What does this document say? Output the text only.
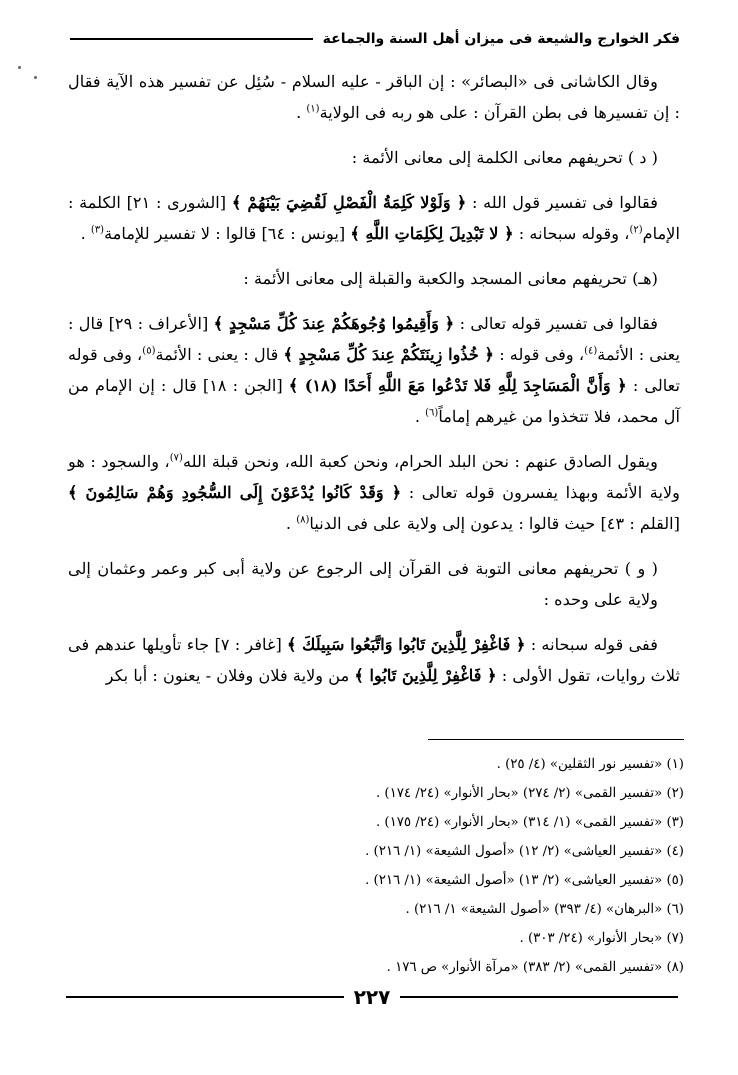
فكر الخوارج والشيعة فى ميزان أهل السنة والجماعة

وقال الكاشانى فى «البصائر» : إن الباقر - عليه السلام - سُئِل عن تفسير هذه الآية فقال : إن تفسيرها فى بطن القرآن : على هو ربه فى الولاية$^{(١)}$ .

( د ) تحريفهم معانى الكلمة إلى معانى الأئمة :

فقالوا فى تفسير قول الله : ﴿ وَلَوْلا كَلِمَةُ الْفَصْلِ لَقُضِيَ بَيْنَهُمْ ﴾ [الشورى : ٢١] الكلمة : الإمام$^{(٢)}$، وقوله سبحانه : ﴿ لا تَبْدِيلَ لِكَلِمَاتِ اللَّهِ ﴾ [يونس : ٦٤] قالوا : لا تفسير للإمامة$^{(٣)}$ .

(هـ) تحريفهم معانى المسجد والكعبة والقبلة إلى معانى الأئمة :

فقالوا فى تفسير قوله تعالى : ﴿ وَأَقِيمُوا وُجُوهَكُمْ عِندَ كُلِّ مَسْجِدٍ ﴾ [الأعراف : ٢٩] قال : يعنى : الأئمة$^{(٤)}$، وفى قوله : ﴿ خُذُوا زِينَتَكُمْ عِندَ كُلِّ مَسْجِدٍ ﴾ قال : يعنى : الأئمة$^{(٥)}$، وفى قوله تعالى : ﴿ وَأَنَّ الْمَسَاجِدَ لِلَّهِ فَلا تَدْعُوا مَعَ اللَّهِ أَحَدًا (١٨) ﴾ [الجن : ١٨] قال : إن الإمام من آل محمد، فلا تتخذوا من غيرهم إماماً$^{(٦)}$ .

ويقول الصادق عنهم : نحن البلد الحرام، ونحن كعبة الله، ونحن قبلة الله$^{(٧)}$، والسجود : هو ولاية الأئمة وبهذا يفسرون قوله تعالى : ﴿ وَقَدْ كَانُوا يُدْعَوْنَ إِلَى السُّجُودِ وَهُمْ سَالِمُونَ ﴾ [القلم : ٤٣] حيث قالوا : يدعون إلى ولاية على فى الدنيا$^{(٨)}$ .

( و ) تحريفهم معانى التوبة فى القرآن إلى الرجوع عن ولاية أبى كبر وعمر وعثمان إلى ولاية على وحده :

ففى قوله سبحانه : ﴿ فَاغْفِرْ لِلَّذِينَ تَابُوا وَاتَّبَعُوا سَبِيلَكَ ﴾ [غافر : ٧] جاء تأويلها عندهم فى ثلاث روايات، تقول الأولى : ﴿ فَاغْفِرْ لِلَّذِينَ تَابُوا ﴾ من ولاية فلان وفلان - يعنون : أبا بكر

(١) «تفسير نور الثقلين» (٤/ ٢٥) .
(٢) «تفسير القمى» (٢/ ٢٧٤) «بحار الأنوار» (٢٤/ ١٧٤) .
(٣) «تفسير القمى» (١/ ٣١٤) «بحار الأنوار» (٢٤/ ١٧٥) .
(٤) «تفسير العياشى» (٢/ ١٢) «أصول الشيعة» (١/ ٢١٦) .
(٥) «تفسير العياشى» (٢/ ١٣) «أصول الشيعة» (١/ ٢١٦) .
(٦) «البرهان» (٤/ ٣٩٣) «أصول الشيعة» ١/ ٢١٦) .
(٧) «بحار الأنوار» (٢٤/ ٣٠٣) .
(٨) «تفسير القمى» (٢/ ٣٨٣) «مرآة الأنوار» ص ١٧٦ .
٢٢٧
